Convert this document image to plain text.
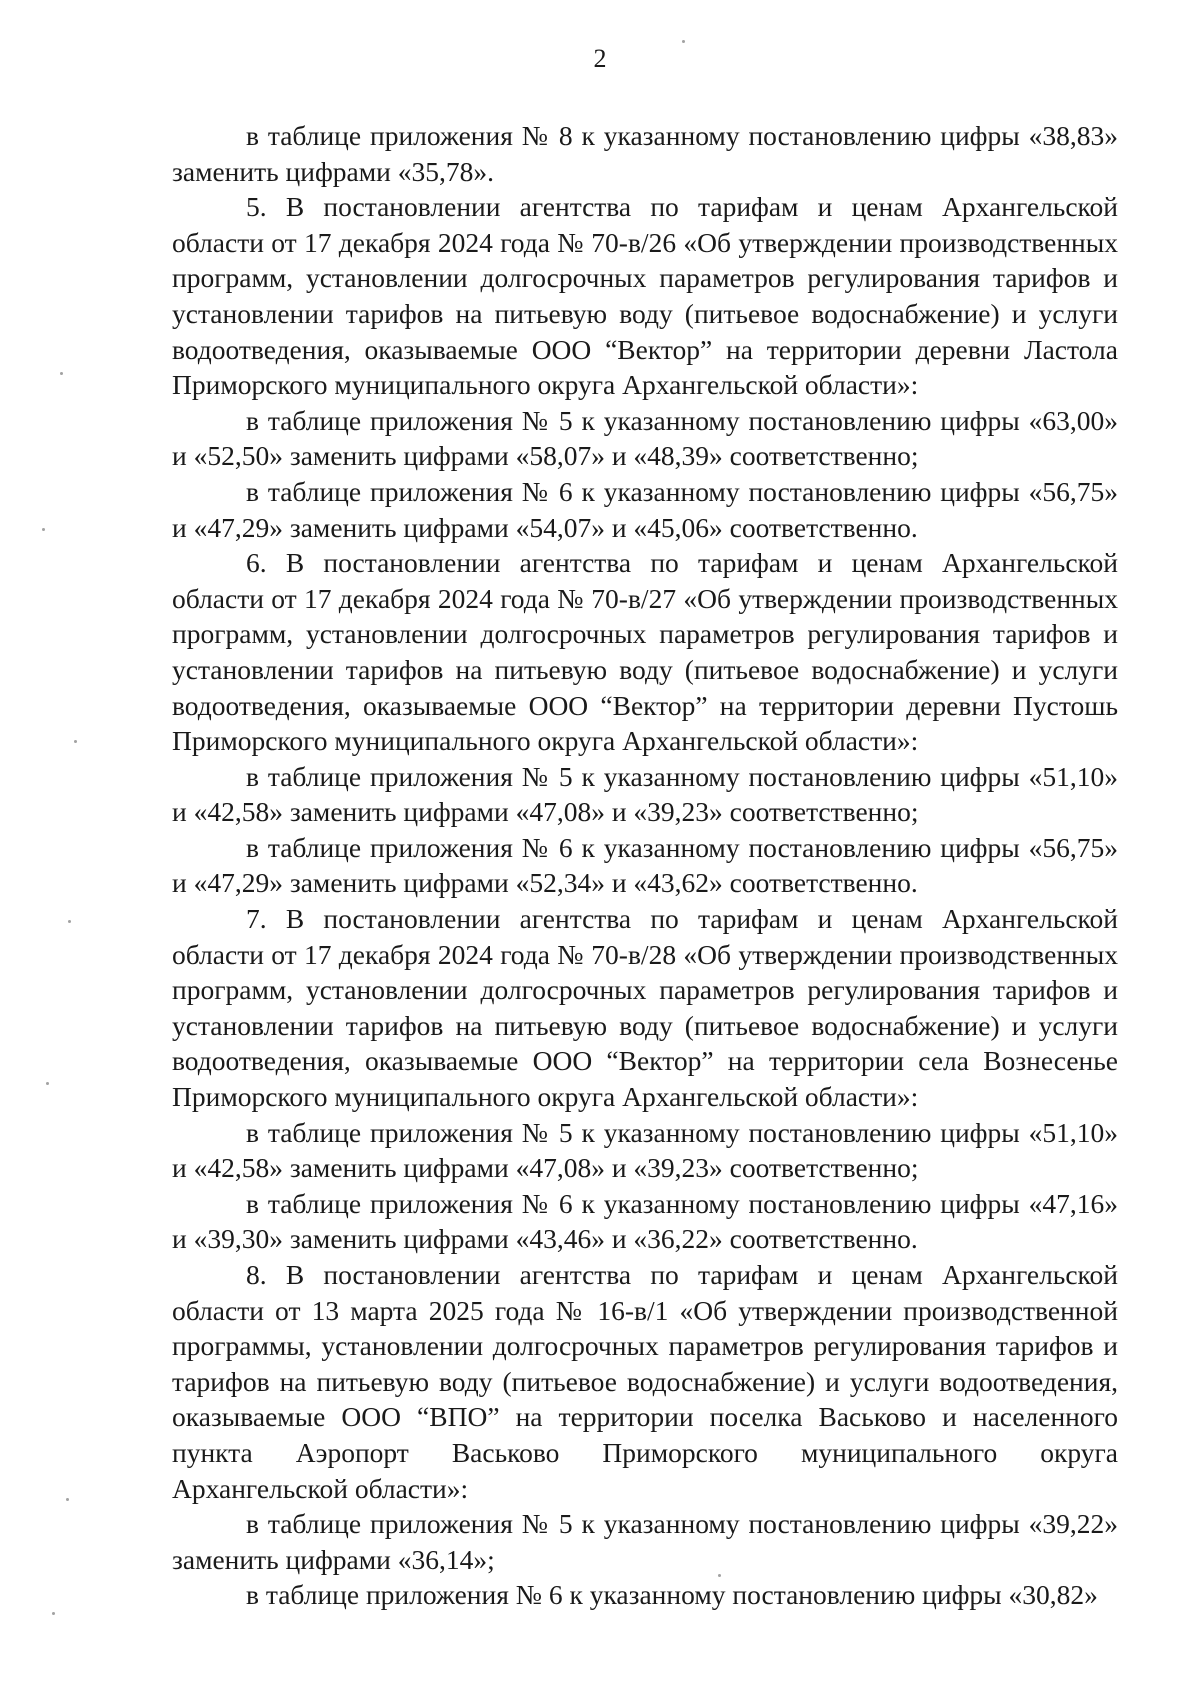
2

в таблице приложения № 8 к указанному постановлению цифры «38,83» заменить цифрами «35,78».

5. В постановлении агентства по тарифам и ценам Архангельской области от 17 декабря 2024 года № 70-в/26 «Об утверждении производственных программ, установлении долгосрочных параметров регулирования тарифов и установлении тарифов на питьевую воду (питьевое водоснабжение) и услуги водоотведения, оказываемые ООО “Вектор” на территории деревни Ластола Приморского муниципального округа Архангельской области»:

в таблице приложения № 5 к указанному постановлению цифры «63,00» и «52,50» заменить цифрами «58,07» и «48,39» соответственно;

в таблице приложения № 6 к указанному постановлению цифры «56,75» и «47,29» заменить цифрами «54,07» и «45,06» соответственно.

6. В постановлении агентства по тарифам и ценам Архангельской области от 17 декабря 2024 года № 70-в/27 «Об утверждении производственных программ, установлении долгосрочных параметров регулирования тарифов и установлении тарифов на питьевую воду (питьевое водоснабжение) и услуги водоотведения, оказываемые ООО “Вектор” на территории деревни Пустошь Приморского муниципального округа Архангельской области»:

в таблице приложения № 5 к указанному постановлению цифры «51,10» и «42,58» заменить цифрами «47,08» и «39,23» соответственно;

в таблице приложения № 6 к указанному постановлению цифры «56,75» и «47,29» заменить цифрами «52,34» и «43,62» соответственно.

7. В постановлении агентства по тарифам и ценам Архангельской области от 17 декабря 2024 года № 70-в/28 «Об утверждении производственных программ, установлении долгосрочных параметров регулирования тарифов и установлении тарифов на питьевую воду (питьевое водоснабжение) и услуги водоотведения, оказываемые ООО “Вектор” на территории села Вознесенье Приморского муниципального округа Архангельской области»:

в таблице приложения № 5 к указанному постановлению цифры «51,10» и «42,58» заменить цифрами «47,08» и «39,23» соответственно;

в таблице приложения № 6 к указанному постановлению цифры «47,16» и «39,30» заменить цифрами «43,46» и «36,22» соответственно.

8. В постановлении агентства по тарифам и ценам Архангельской области от 13 марта 2025 года № 16-в/1 «Об утверждении производственной программы, установлении долгосрочных параметров регулирования тарифов и тарифов на питьевую воду (питьевое водоснабжение) и услуги водоотведения, оказываемые ООО “ВПО” на территории поселка Васьково и населенного пункта Аэропорт Васьково Приморского муниципального округа Архангельской области»:

в таблице приложения № 5 к указанному постановлению цифры «39,22» заменить цифрами «36,14»;

в таблице приложения № 6 к указанному постановлению цифры «30,82»
